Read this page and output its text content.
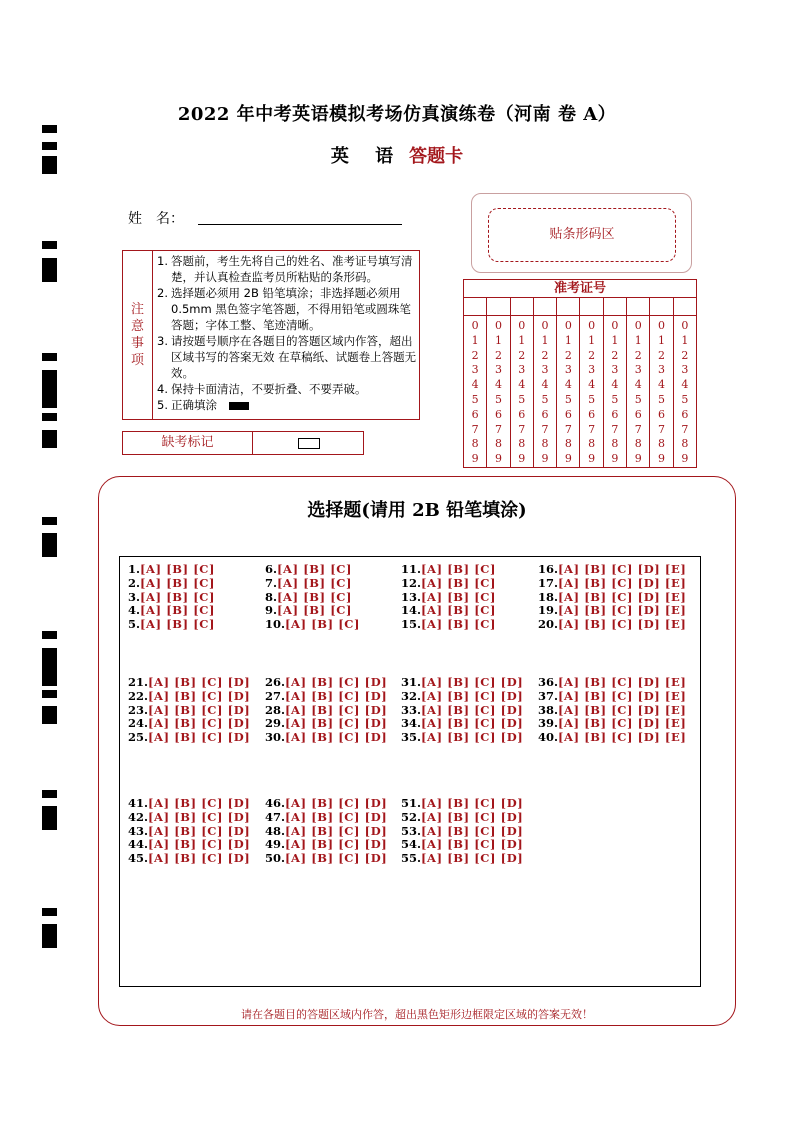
2022 年中考英语模拟考场仿真演练卷（河南 卷 A）
英 语 答题卡
姓　名：
注
意
事
项
1. 答题前，考生先将自己的姓名、准考证号填写清楚，并认真检查监考员所粘贴的条形码。
2. 选择题必须用 2B 铅笔填涂；非选择题必须用 0.5mm 黑色签字笔答题，不得用铅笔或圆珠笔答题；字体工整、笔迹清晰。
3. 请按题号顺序在各题目的答题区域内作答，超出区域书写的答案无效 在草稿纸、试题卷上答题无效。
4. 保持卡面清洁，不要折叠、不要弄破。
5. 正确填涂
缺考标记
贴条形码区
准考证号
0
1
2
3
4
5
6
7
8
9
0
1
2
3
4
5
6
7
8
9
0
1
2
3
4
5
6
7
8
9
0
1
2
3
4
5
6
7
8
9
0
1
2
3
4
5
6
7
8
9
0
1
2
3
4
5
6
7
8
9
0
1
2
3
4
5
6
7
8
9
0
1
2
3
4
5
6
7
8
9
0
1
2
3
4
5
6
7
8
9
0
1
2
3
4
5
6
7
8
9
选择题(请用 2B 铅笔填涂)
请在各题目的答题区域内作答，超出黑色矩形边框限定区域的答案无效！
1.[A] [B] [C]
2.[A] [B] [C]
3.[A] [B] [C]
4.[A] [B] [C]
5.[A] [B] [C]
6.[A] [B] [C]
7.[A] [B] [C]
8.[A] [B] [C]
9.[A] [B] [C]
10.[A] [B] [C]
11.[A] [B] [C]
12.[A] [B] [C]
13.[A] [B] [C]
14.[A] [B] [C]
15.[A] [B] [C]
16.[A] [B] [C] [D] [E]
17.[A] [B] [C] [D] [E]
18.[A] [B] [C] [D] [E]
19.[A] [B] [C] [D] [E]
20.[A] [B] [C] [D] [E]
21.[A] [B] [C] [D]
22.[A] [B] [C] [D]
23.[A] [B] [C] [D]
24.[A] [B] [C] [D]
25.[A] [B] [C] [D]
26.[A] [B] [C] [D]
27.[A] [B] [C] [D]
28.[A] [B] [C] [D]
29.[A] [B] [C] [D]
30.[A] [B] [C] [D]
31.[A] [B] [C] [D]
32.[A] [B] [C] [D]
33.[A] [B] [C] [D]
34.[A] [B] [C] [D]
35.[A] [B] [C] [D]
36.[A] [B] [C] [D] [E]
37.[A] [B] [C] [D] [E]
38.[A] [B] [C] [D] [E]
39.[A] [B] [C] [D] [E]
40.[A] [B] [C] [D] [E]
41.[A] [B] [C] [D]
42.[A] [B] [C] [D]
43.[A] [B] [C] [D]
44.[A] [B] [C] [D]
45.[A] [B] [C] [D]
46.[A] [B] [C] [D]
47.[A] [B] [C] [D]
48.[A] [B] [C] [D]
49.[A] [B] [C] [D]
50.[A] [B] [C] [D]
51.[A] [B] [C] [D]
52.[A] [B] [C] [D]
53.[A] [B] [C] [D]
54.[A] [B] [C] [D]
55.[A] [B] [C] [D]
